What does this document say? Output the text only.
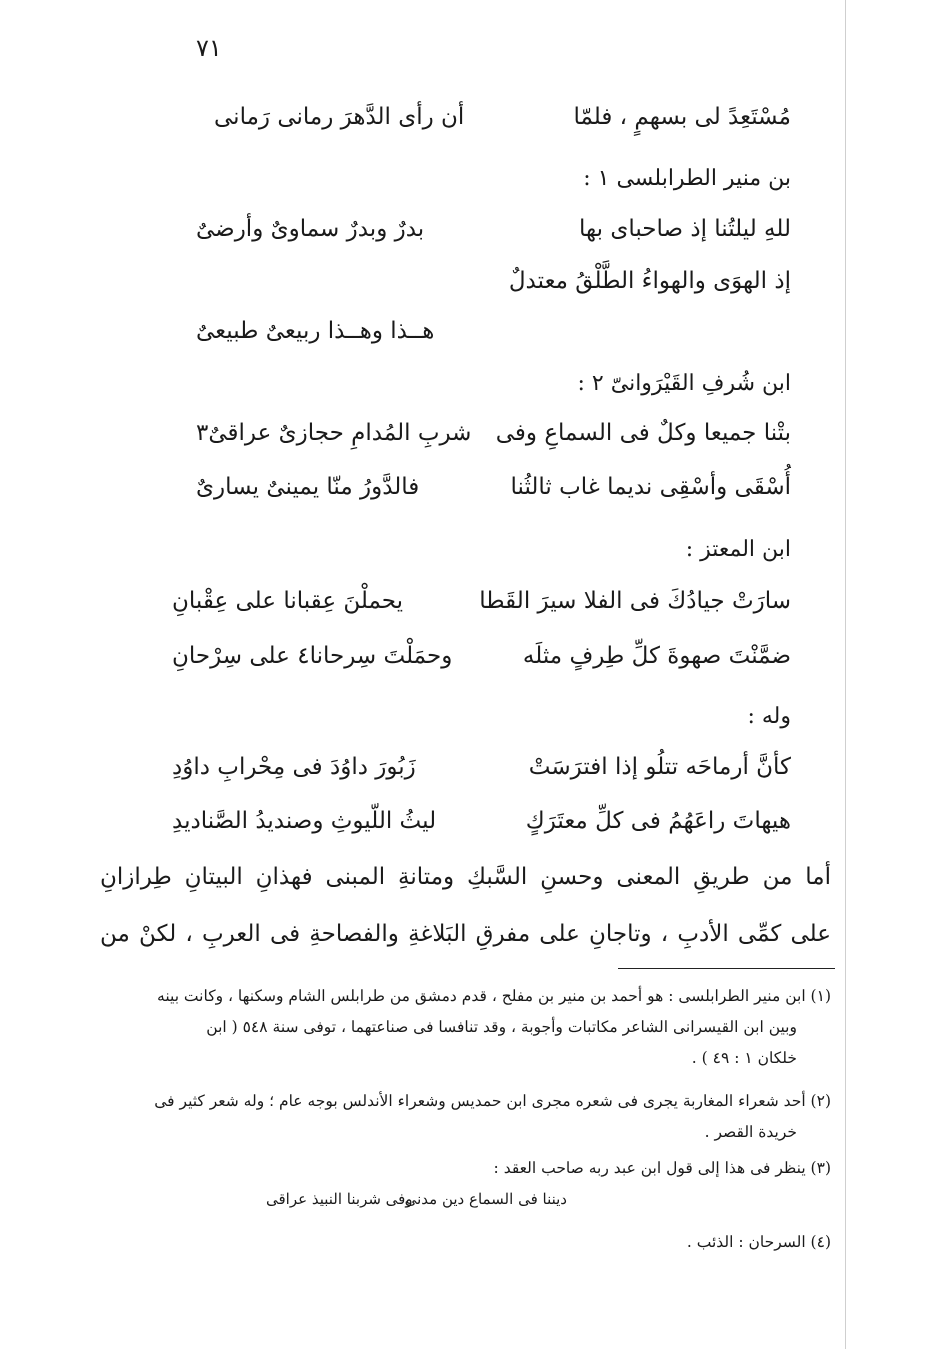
٧١
مُسْتَعِدً لى بسهمٍ ، فلمّا
أن رأى الدَّهرَ رمانى رَمانى
بن منير الطرابلسى ١ :
للهِ ليلتُنا إذ صاحباى بها
بدرٌ وبدرٌ سماوىٌ وأرضىٌ
إذ الهوَى والهواءُ الطَّلْقُ معتدلٌ
هــذا وهــذا ربيعىٌ طبيعىٌ
ابن شُرفِ القَيْرَوانىّ ٢ :
بتْنا جميعا وكلٌ فى السماعِ وفى
شربِ المُدامِ حجازىٌ عراقىٌ٣
أُسْقَى وأسْقِى نديما غاب ثالثُنا
فالدَّورُ منّا يمينىٌ يسارىٌ
ابن المعتز :
سارَتْ جيادُكَ فى الفلا سيرَ القَطا
يحملْنَ عِقبانا على عِقْبانِ
ضمَّنْتَ صهوةَ كلِّ طِرفٍ مثلَه
وحمَلْتَ سِرحانا٤ على سِرْحانِ
وله :
كأنَّ أرماحَه تتلُو إذا افترَسَتْ
زَبُورَ داوُدَ فى مِحْرابِ داوُدِ
هيهاتَ راعَهُمُ فى كلِّ معتَرَكٍ
ليثُ اللّيوثِ وصنديدُ الصَّناديدِ
أما من طريقِ المعنى وحسنِ السَّبكِ ومتانةِ المبنى فهذانِ البيتانِ طِرازانِ
على كمِّى الأدبِ ، وتاجانِ على مفرقِ البَلاغةِ والفصاحةِ فى العربِ ، لكنْ من
(١) ابن منير الطرابلسى : هو أحمد بن منير بن مفلح ، قدم دمشق من طرابلس الشام وسكنها ، وكانت بينه
وبين ابن القيسرانى الشاعر مكاتبات وأجوبة ، وقد تنافسا فى صناعتهما ، توفى سنة ٥٤٨ ( ابن
خلكان ١ : ٤٩ ) .
(٢) أحد شعراء المغاربة يجرى فى شعره مجرى ابن حمديس وشعراء الأندلس بوجه عام ؛ وله شعر كثير فى
خريدة القصر .
(٣) ينظر فى هذا إلى قول ابن عبد ربه صاحب العقد :
ديننا فى السماع دين مدنى
وفى شربنا النبيذ عراقى
(٤) السرحان : الذئب .
